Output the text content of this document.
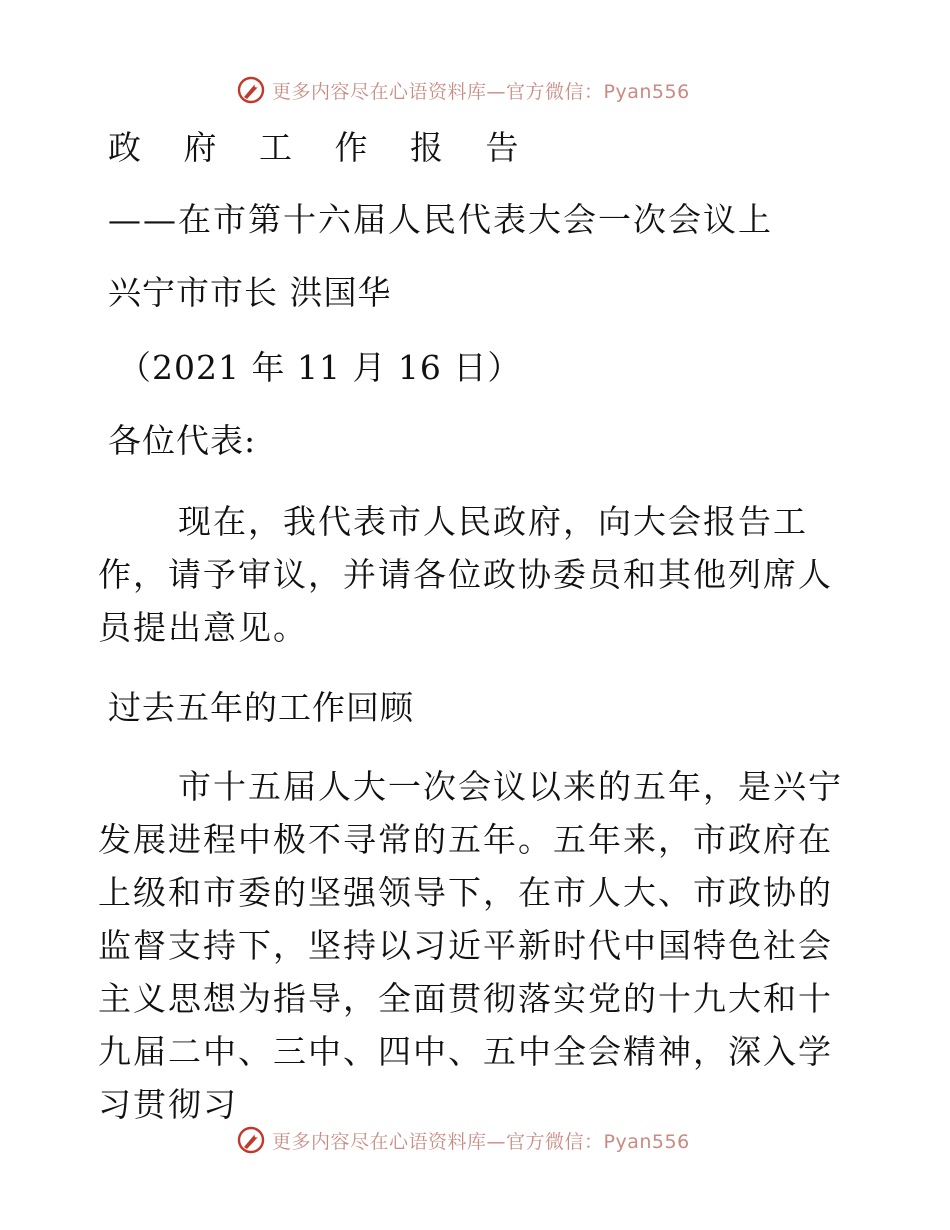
更多内容尽在心语资料库—官方微信：Pyan556
政 府 工 作 报 告
——在市第十六届人民代表大会一次会议上
兴宁市市长 洪国华
（2021 年 11 月 16 日）
各位代表:

现在，我代表市人民政府，向大会报告工作，请予审议，并请各位政协委员和其他列席人员提出意见。

过去五年的工作回顾

市十五届人大一次会议以来的五年，是兴宁发展进程中极不寻常的五年。五年来，市政府在上级和市委的坚强领导下，在市人大、市政协的监督支持下，坚持以习近平新时代中国特色社会主义思想为指导，全面贯彻落实党的十九大和十九届二中、三中、四中、五中全会精神，深入学习贯彻习

更多内容尽在心语资料库—官方微信：Pyan556
